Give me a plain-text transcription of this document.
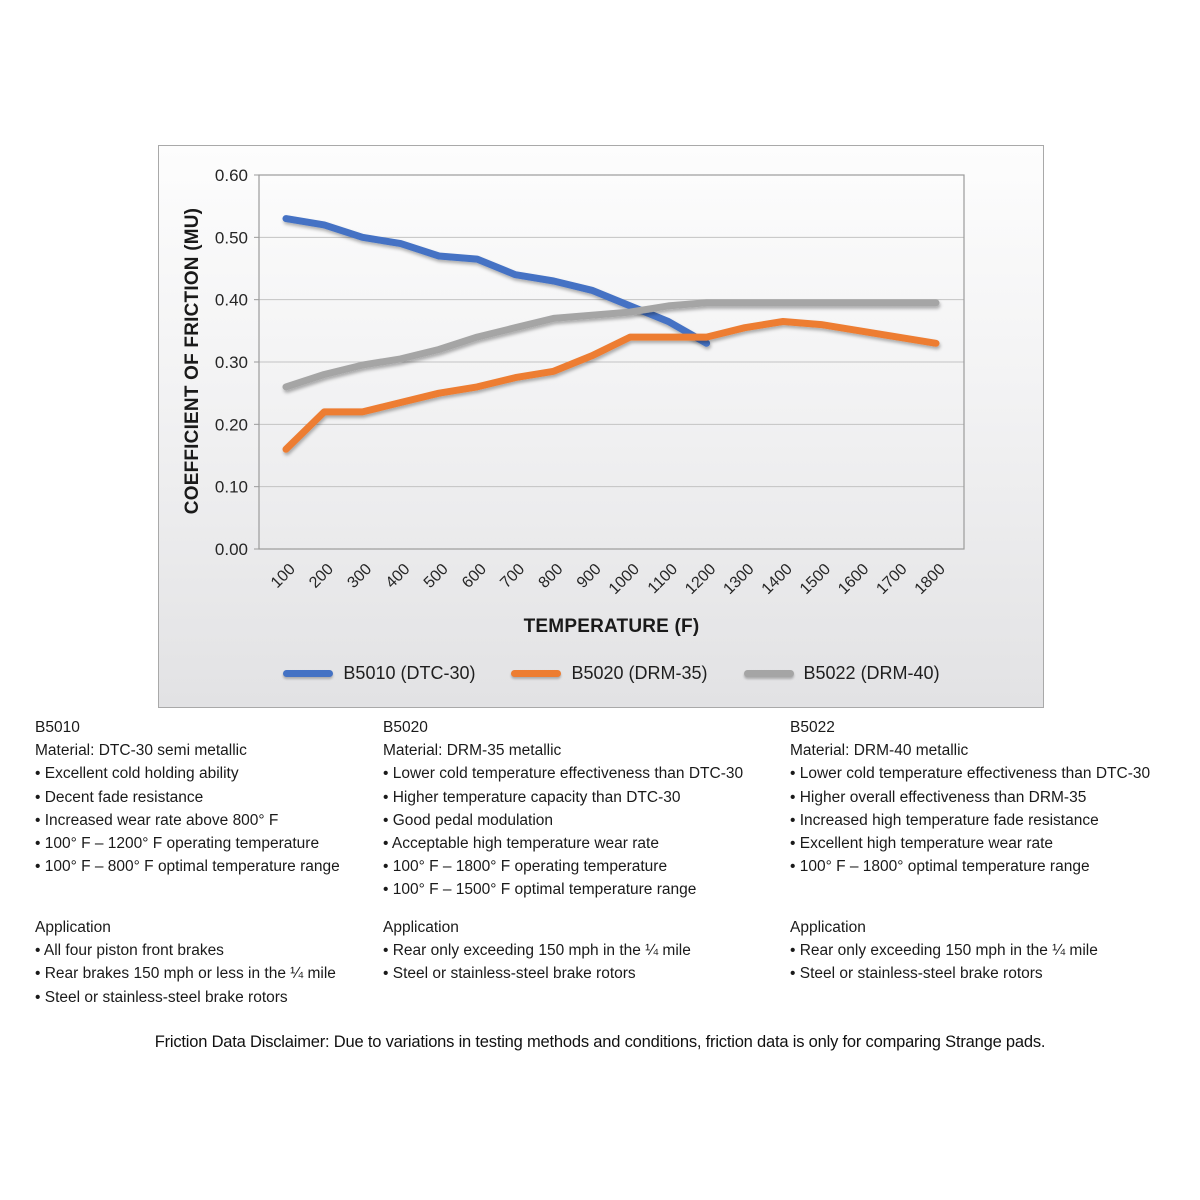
0.00
0.10
0.20
0.30
0.40
0.50
0.60
100 200 300 400 500 600 700 800 900 1000 1100 1200 1300 1400 1500 1600 1700 1800
COEFFICIENT OF FRICTION (MU)
TEMPERATURE (F)
B5010 (DTC-30)	B5020 (DRM-35)	B5022 (DRM-40)
B5010
Material: DTC-30 semi metallic
• Excellent cold holding ability
• Decent fade resistance
• Increased wear rate above 800° F
• 100° F – 1200° F operating temperature
• 100° F – 800° F optimal temperature range
Application
• All four piston front brakes
• Rear brakes 150 mph or less in the ¼ mile
• Steel or stainless-steel brake rotors
B5020
Material: DRM-35 metallic
• Lower cold temperature effectiveness than DTC-30
• Higher temperature capacity than DTC-30
• Good pedal modulation
• Acceptable high temperature wear rate
• 100° F – 1800° F operating temperature
• 100° F – 1500° F optimal temperature range
Application
• Rear only exceeding 150 mph in the ¼ mile
• Steel or stainless-steel brake rotors
B5022
Material: DRM-40 metallic
• Lower cold temperature effectiveness than DTC-30
• Higher overall effectiveness than DRM-35
• Increased high temperature fade resistance
• Excellent high temperature wear rate
• 100° F – 1800° optimal temperature range
Application
• Rear only exceeding 150 mph in the ¼ mile
• Steel or stainless-steel brake rotors
Friction Data Disclaimer: Due to variations in testing methods and conditions, friction data is only for comparing Strange pads.
